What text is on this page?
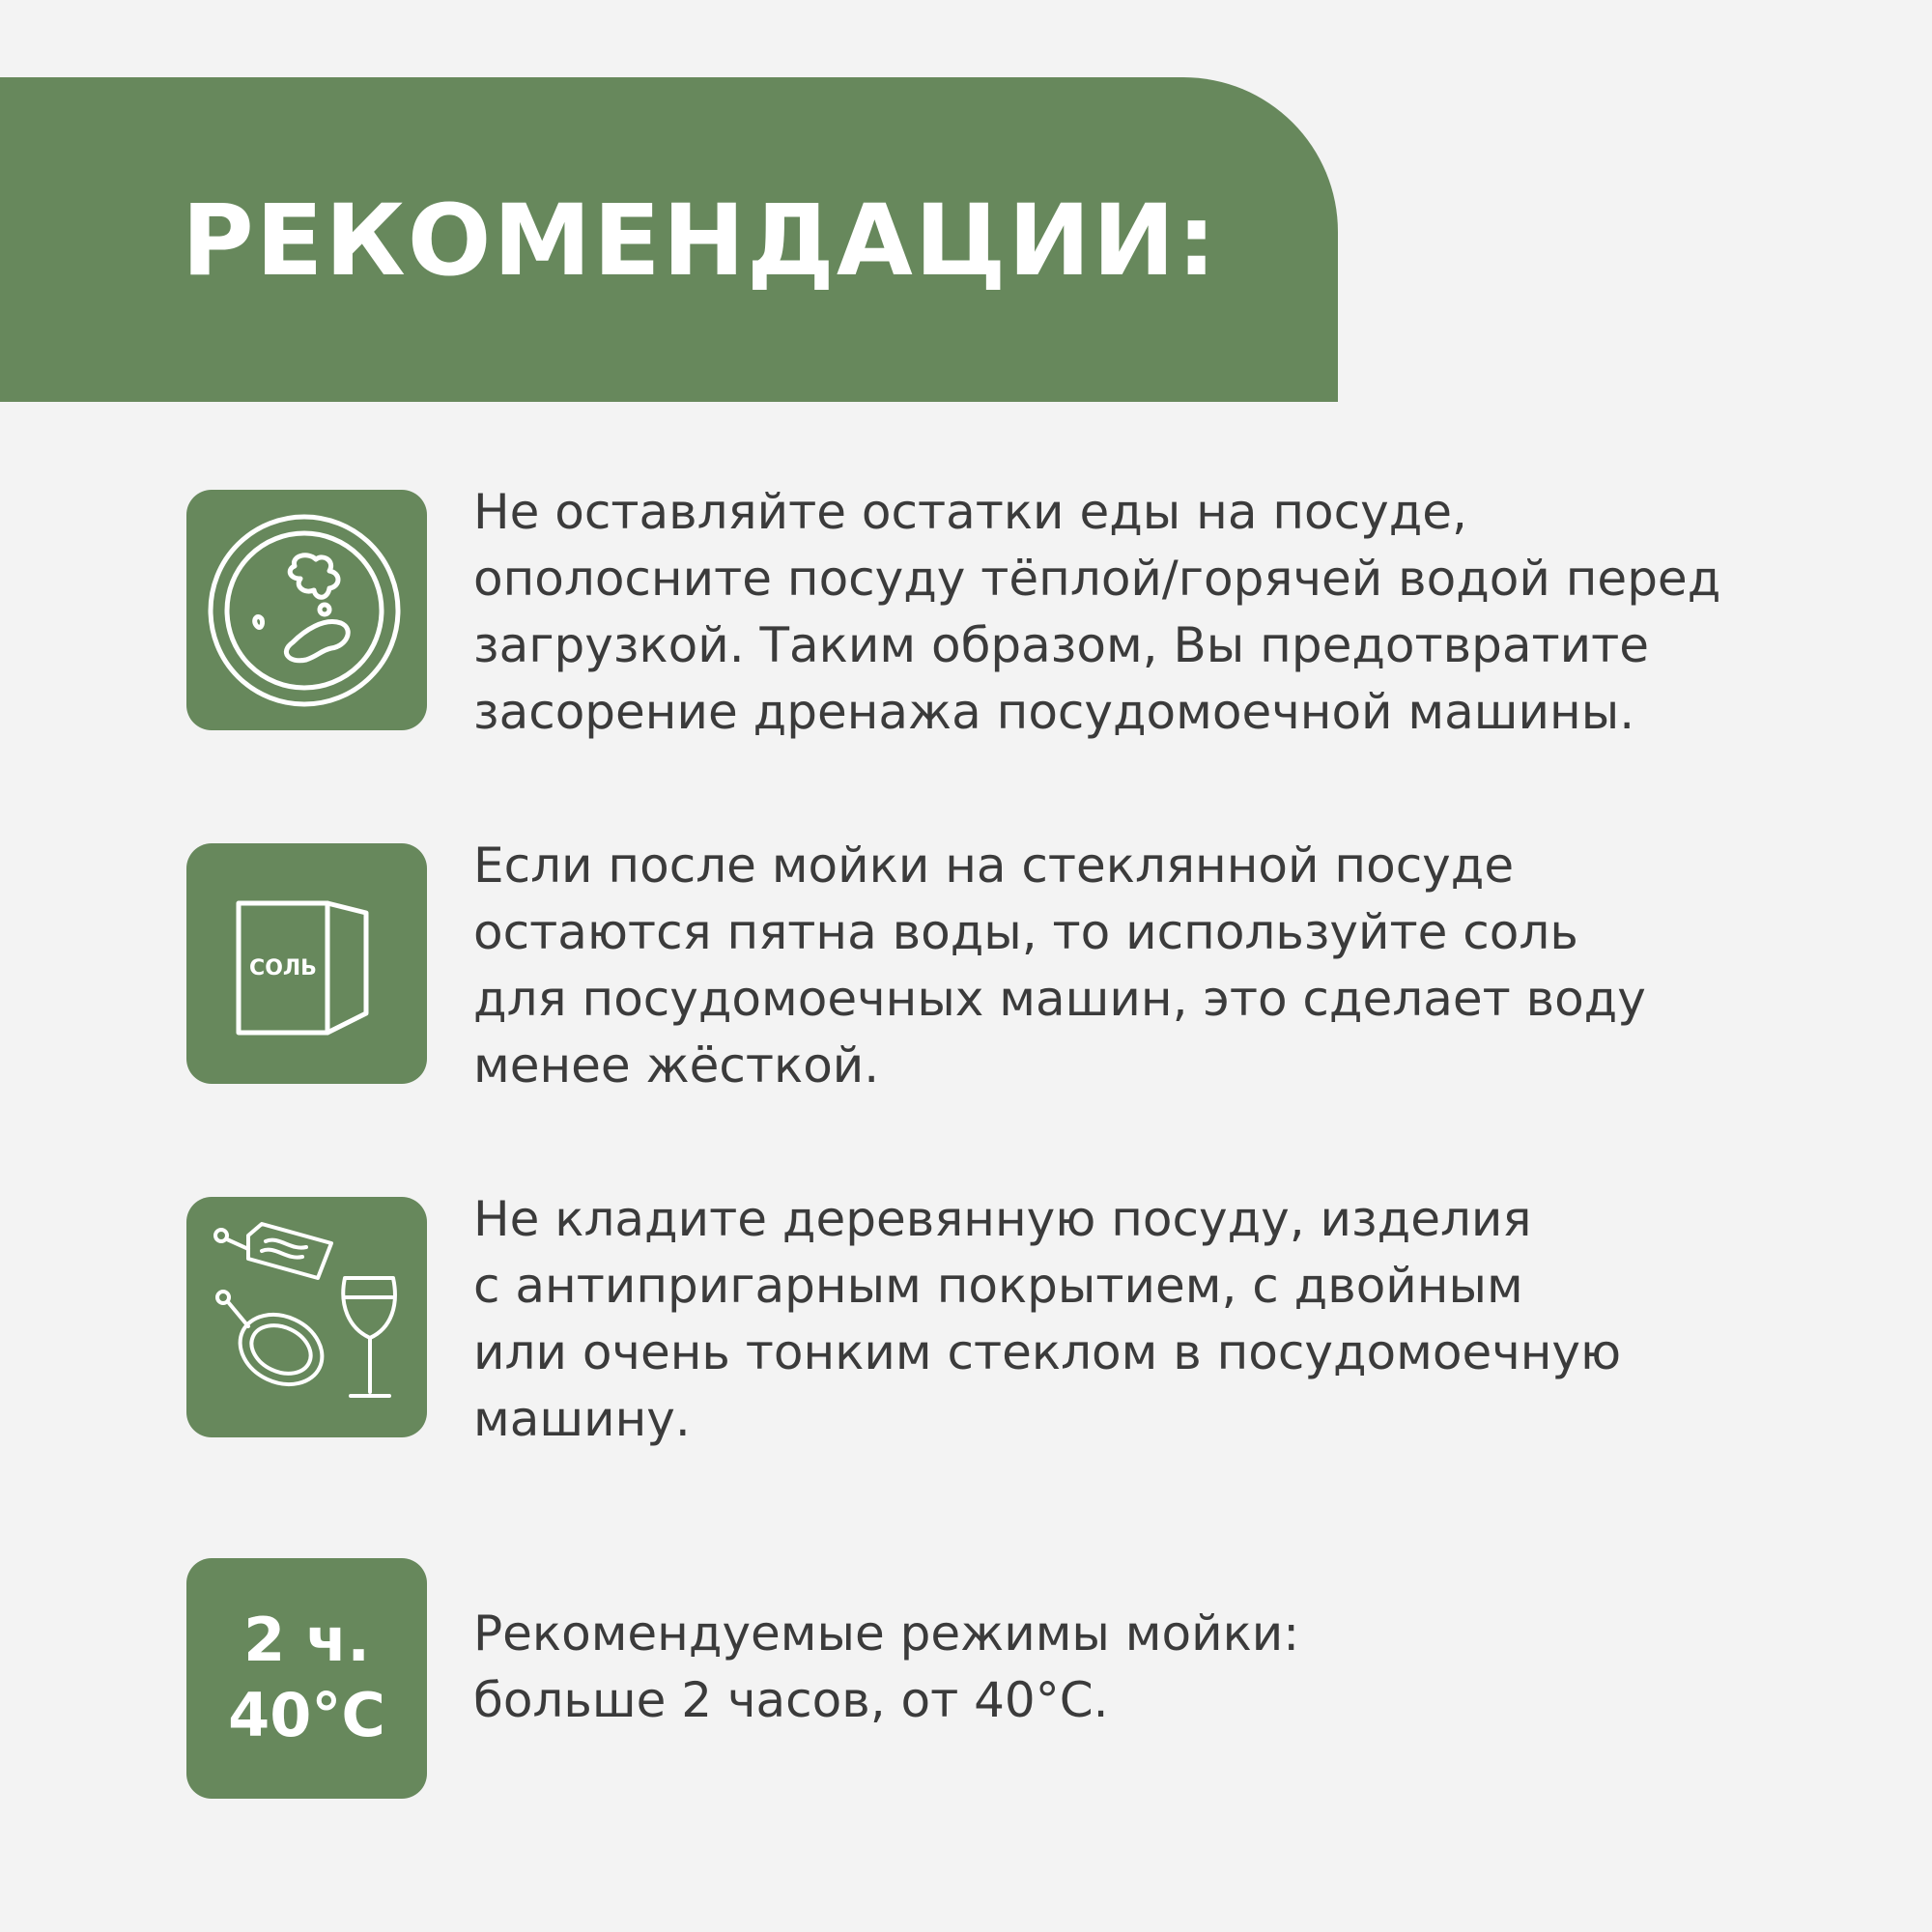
РЕКОМЕНДАЦИИ:
Не оставляйте остатки еды на посуде,
ополосните посуду тёплой/горячей водой перед
загрузкой. Таким образом, Вы предотвратите
засорение дренажа посудомоечной машины.
СОЛЬ
Если после мойки на стеклянной посуде
остаются пятна воды, то используйте соль
для посудомоечных машин, это сделает воду
менее жёсткой.
Не кладите деревянную посуду, изделия
с антипригарным покрытием, с двойным
или очень тонким стеклом в посудомоечную
машину.
2 ч.
40°С
Рекомендуемые режимы мойки:
больше 2 часов, от 40°С.
